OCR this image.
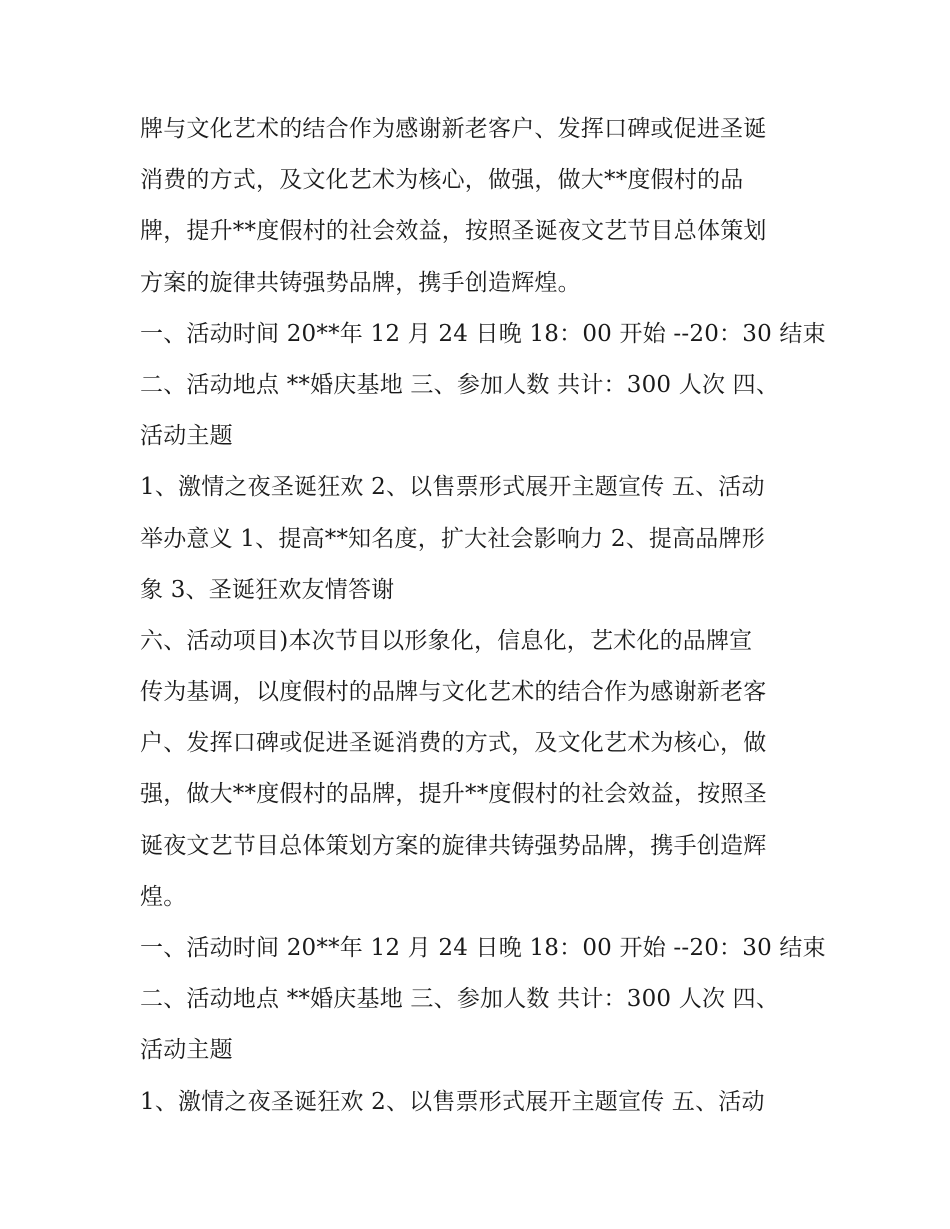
牌与文化艺术的结合作为感谢新老客户、发挥口碑或促进圣诞
消费的方式，及文化艺术为核心，做强，做大**度假村的品
牌，提升**度假村的社会效益，按照圣诞夜文艺节目总体策划
方案的旋律共铸强势品牌，携手创造辉煌。
一、活动时间 20**年 12 月 24 日晚 18：00 开始 --20：30 结束
二、活动地点 **婚庆基地 三、参加人数 共计：300 人次 四、
活动主题
1、激情之夜圣诞狂欢 2、以售票形式展开主题宣传 五、活动
举办意义 1、提高**知名度，扩大社会影响力 2、提高品牌形
象 3、圣诞狂欢友情答谢
六、活动项目)本次节目以形象化，信息化，艺术化的品牌宣
传为基调，以度假村的品牌与文化艺术的结合作为感谢新老客
户、发挥口碑或促进圣诞消费的方式，及文化艺术为核心，做
强，做大**度假村的品牌，提升**度假村的社会效益，按照圣
诞夜文艺节目总体策划方案的旋律共铸强势品牌，携手创造辉
煌。
一、活动时间 20**年 12 月 24 日晚 18：00 开始 --20：30 结束
二、活动地点 **婚庆基地 三、参加人数 共计：300 人次 四、
活动主题
1、激情之夜圣诞狂欢 2、以售票形式展开主题宣传 五、活动
